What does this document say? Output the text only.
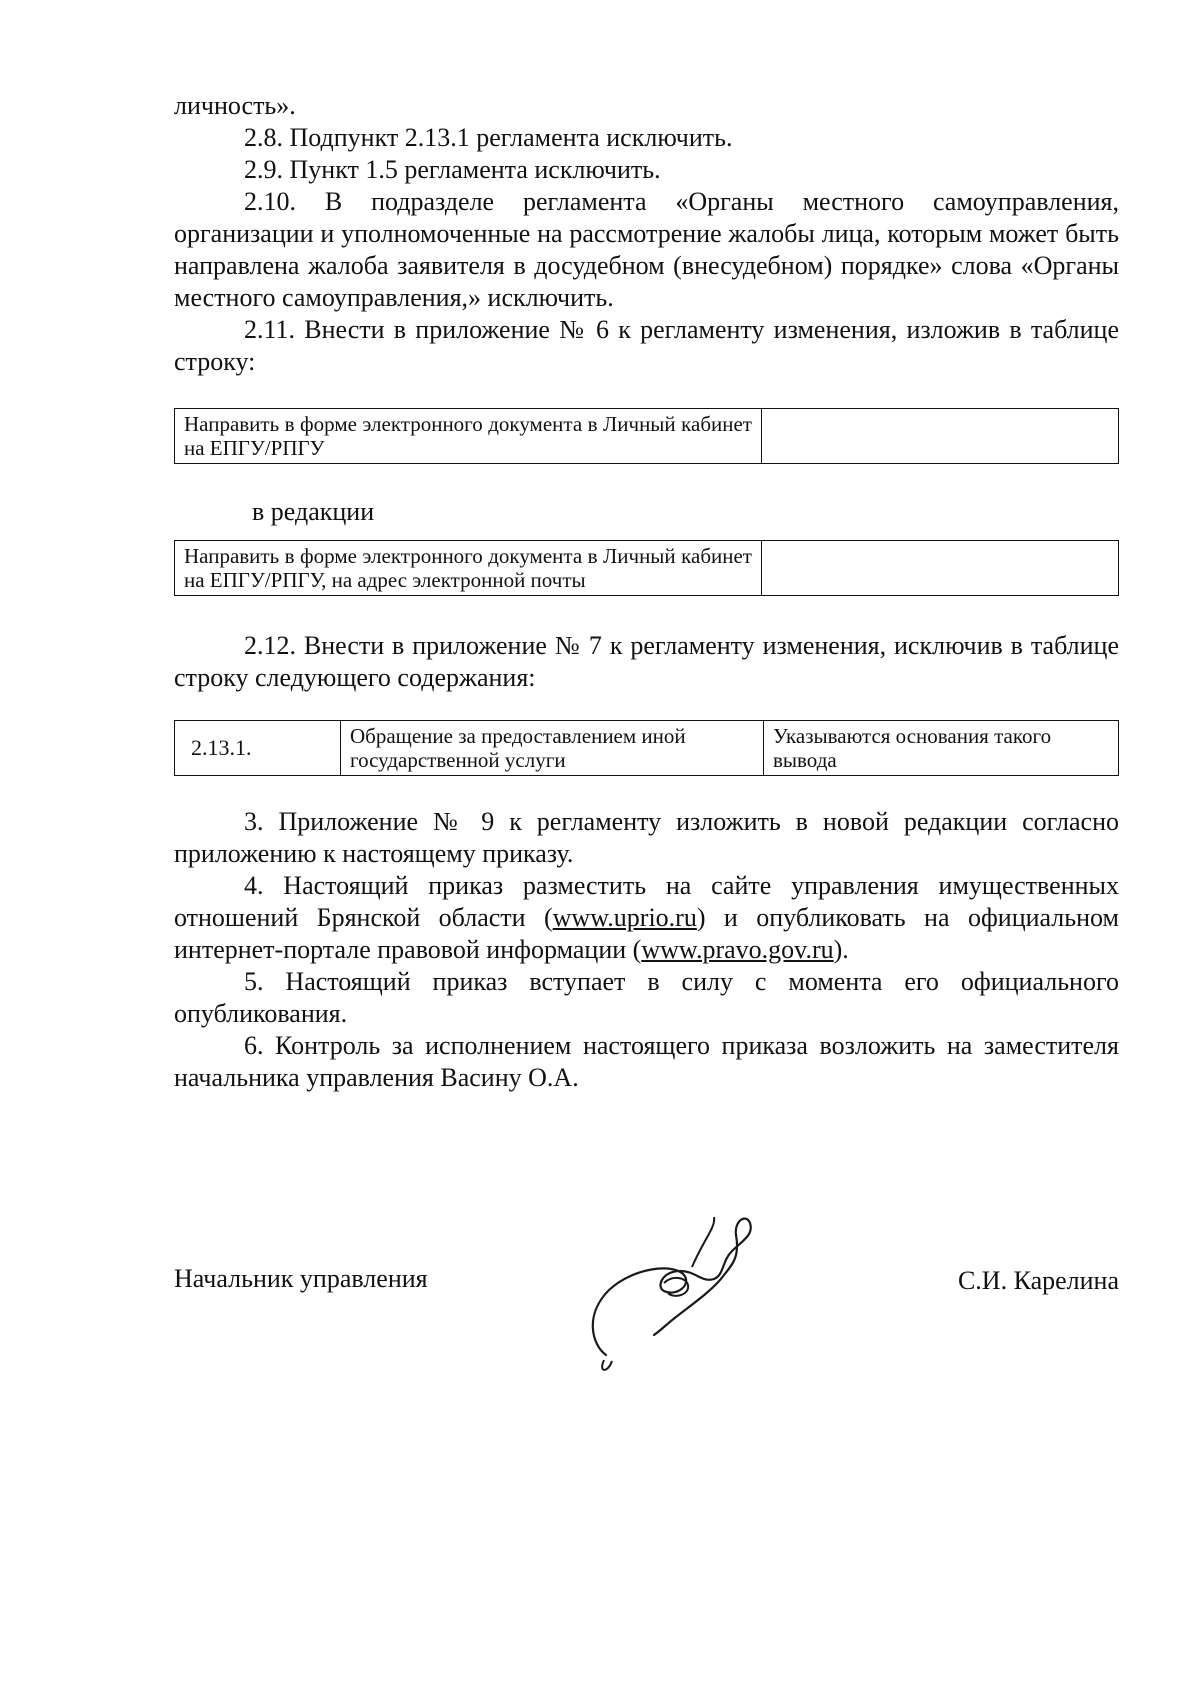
личность».

2.8. Подпункт 2.13.1 регламента исключить.

2.9. Пункт 1.5 регламента исключить.

2.10. В подразделе регламента «Органы местного самоуправления, организации и уполномоченные на рассмотрение жалобы лица, которым может быть направлена жалоба заявителя в досудебном (внесудебном) порядке» слова «Органы местного самоуправления,» исключить.

2.11. Внести в приложение № 6 к регламенту изменения, изложив в таблице строку:

Направить в форме электронного документа в Личный кабинет на ЕПГУ/РПГУ	
в редакции
Направить в форме электронного документа в Личный кабинет на ЕПГУ/РПГУ, на адрес электронной почты	

2.12. Внести в приложение № 7 к регламенту изменения, исключив в таблице строку следующего содержания:

2.13.1.	Обращение за предоставлением иной государственной услуги	Указываются основания такого вывода

3. Приложение № 9 к регламенту изложить в новой редакции согласно приложению к настоящему приказу.

4. Настоящий приказ разместить на сайте управления имущественных отношений Брянской области (www.uprio.ru) и опубликовать на официальном интернет-портале правовой информации (www.pravo.gov.ru).

5. Настоящий приказ вступает в силу с момента его официального опубликования.

6. Контроль за исполнением настоящего приказа возложить на заместителя начальника управления Васину О.А.

Начальник управления	С.И. Карелина
